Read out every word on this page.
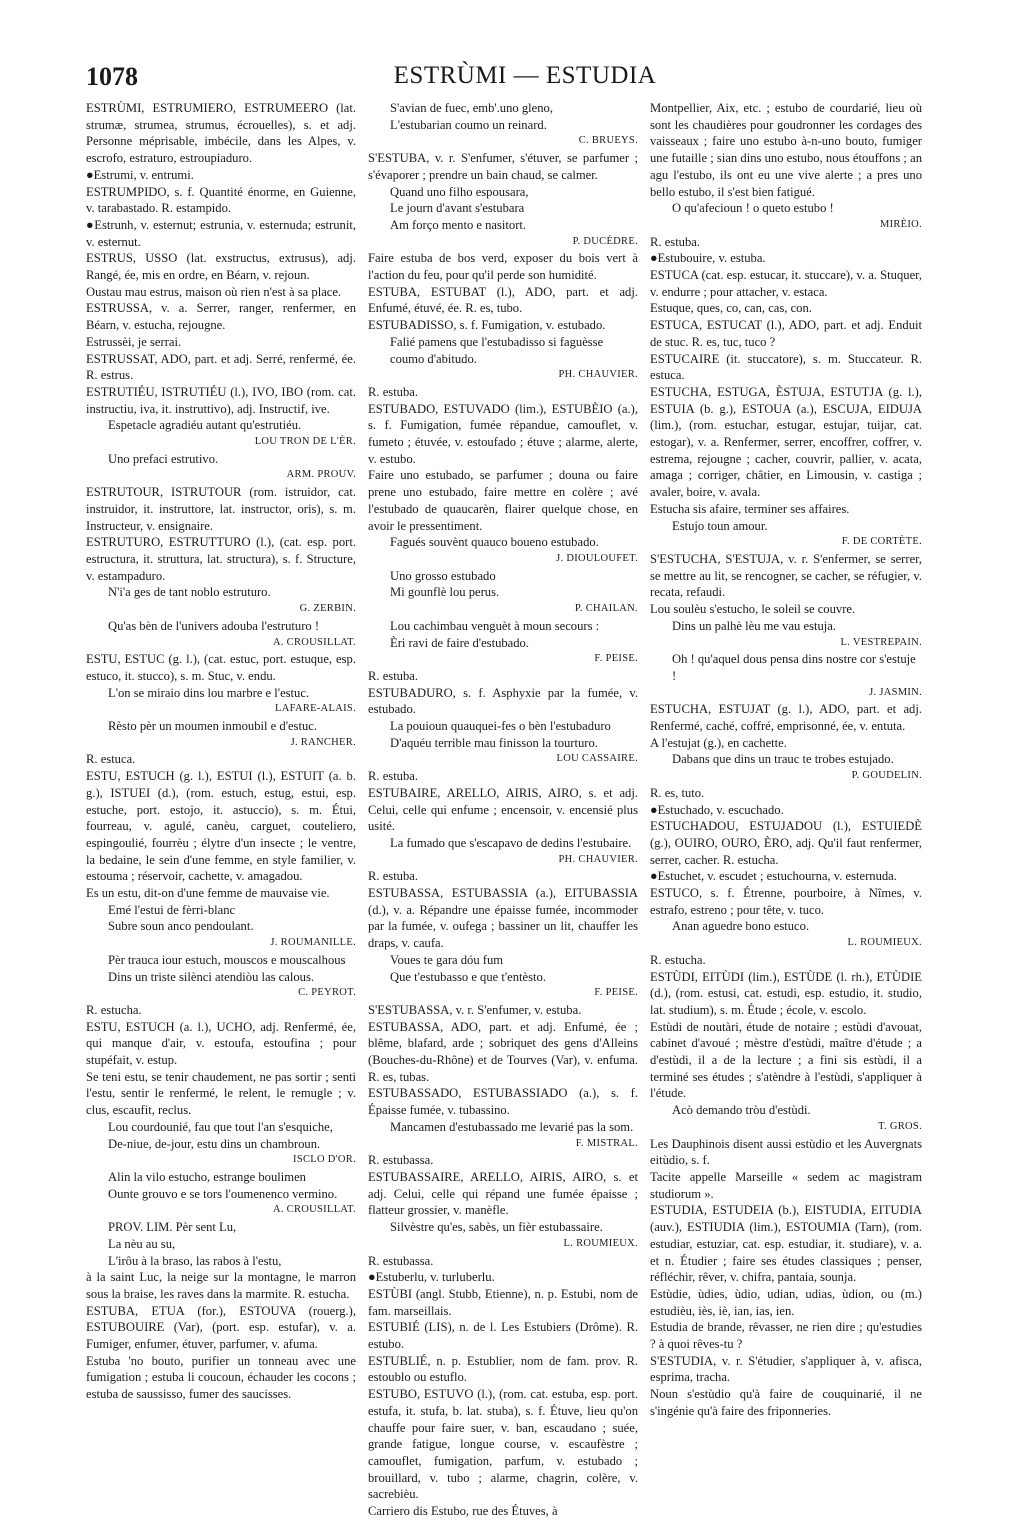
1078	ESTRÙMI — ESTUDIA

ESTRÙMI, ESTRUMIERO, ESTRUMEERO (lat. strumæ, strumea, strumus, écrouelles), s. et adj. Personne méprisable, imbécile, dans les Alpes, v. escrofo, estraturo, estroupiaduro.

●Estrumi, v. entrumi.

ESTRUMPIDO, s. f. Quantité énorme, en Guienne, v. tarabastado. R. estampido.

●Estrunh, v. esternut; estrunia, v. esternuda; estrunit, v. esternut.

ESTRUS, USSO (lat. exstructus, extrusus), adj. Rangé, ée, mis en ordre, en Béarn, v. rejoun.

Oustau mau estrus, maison où rien n'est à sa place.

ESTRUSSA, v. a. Serrer, ranger, renfermer, en Béarn, v. estucha, rejougne.

Estrussèi, je serrai.

ESTRUSSAT, ADO, part. et adj. Serré, renfermé, ée. R. estrus.

ESTRUTIÉU, ISTRUTIÉU (l.), IVO, IBO (rom. cat. instructiu, iva, it. instruttivo), adj. Instructif, ive.

Espetacle agradiéu autant qu'estrutiéu.

LOU TRON DE L'ÈR.

Uno prefaci estrutivo.

ARM. PROUV.

ESTRUTOUR, ISTRUTOUR (rom. istruidor, cat. instruidor, it. instruttore, lat. instructor, oris), s. m. Instructeur, v. ensignaire.

ESTRUTURO, ESTRUTTURO (l.), (cat. esp. port. estructura, it. struttura, lat. structura), s. f. Structure, v. estampaduro.

N'i'a ges de tant noblo estruturo.

G. ZERBIN.

Qu'as bèn de l'univers adouba l'estruturo !

A. CROUSILLAT.

ESTU, ESTUC (g. l.), (cat. estuc, port. estuque, esp. estuco, it. stucco), s. m. Stuc, v. endu.

L'on se miraio dins lou marbre e l'estuc.

LAFARE-ALAIS.

Rèsto pèr un moumen inmoubil e d'estuc.

J. RANCHER.

R. estuca.

ESTU, ESTUCH (g. l.), ESTUI (l.), ESTUIT (a. b. g.), ISTUEI (d.), (rom. estuch, estug, estui, esp. estuche, port. estojo, it. astuccio), s. m. Étui, fourreau, v. agulé, canèu, carguet, couteliero, espingoulié, fourrèu ; élytre d'un insecte ; le ventre, la bedaine, le sein d'une femme, en style familier, v. estouma ; réservoir, cachette, v. amagadou.

Es un estu, dit-on d'une femme de mauvaise vie.

Emé l'estui de fèrri-blanc

Subre soun anco pendoulant.

J. ROUMANILLE.

Pèr trauca iour estuch, mouscos e mouscalhous

Dins un triste silènci atendiòu las calous.

C. PEYROT.

R. estucha.

ESTU, ESTUCH (a. l.), UCHO, adj. Renfermé, ée, qui manque d'air, v. estoufa, estoufina ; pour stupéfait, v. estup.

Se teni estu, se tenir chaudement, ne pas sortir ; senti l'estu, sentir le renfermé, le relent, le remugle ; v. clus, escaufit, reclus.

Lou courdounié, fau que tout l'an s'esquiche,

De-niue, de-jour, estu dins un chambroun.

ISCLO D'OR.

Alin la vilo estucho, estrange boulimen

Ounte grouvo e se tors l'oumenenco vermino.

A. CROUSILLAT.

PROV. LIM. Pèr sent Lu,

La nèu au su,

L'irôu à la braso, las rabos à l'estu,

à la saint Luc, la neige sur la montagne, le marron sous la braise, les raves dans la marmite. R. estucha.

ESTUBA, ETUA (for.), ESTOUVA (rouerg.), ESTUBOUIRE (Var), (port. esp. estufar), v. a. Fumiger, enfumer, étuver, parfumer, v. afuma.

Estuba 'no bouto, purifier un tonneau avec une fumigation ; estuba li coucoun, échauder les cocons ; estuba de saussisso, fumer des saucisses.

S'avian de fuec, emb'.uno gleno,

L'estubarian coumo un reinard.

C. BRUEYS.

S'ESTUBA, v. r. S'enfumer, s'étuver, se parfumer ; s'évaporer ; prendre un bain chaud, se calmer.

Quand uno filho espousara,

Le journ d'avant s'estubara

Am forço mento e nasitort.

P. DUCÉDRE.

Faire estuba de bos verd, exposer du bois vert à l'action du feu, pour qu'il perde son humidité.

ESTUBA, ESTUBAT (l.), ADO, part. et adj. Enfumé, étuvé, ée. R. es, tubo.

ESTUBADISSO, s. f. Fumigation, v. estubado.

Falié pamens que l'estubadisso si faguèsse coumo d'abitudo.

PH. CHAUVIER.

R. estuba.

ESTUBADO, ESTUVADO (lim.), ESTUBÈIO (a.), s. f. Fumigation, fumée répandue, camouflet, v. fumeto ; étuvée, v. estoufado ; étuve ; alarme, alerte, v. estubo.

Faire uno estubado, se parfumer ; douna ou faire prene uno estubado, faire mettre en colère ; avé l'estubado de quaucarèn, flairer quelque chose, en avoir le pressentiment.

Fagués souvènt quauco boueno estubado.

J. DIOULOUFET.

Uno grosso estubado

Mi gounflè lou perus.

P. CHAILAN.

Lou cachimbau venguèt à moun secours :

Èri ravi de faire d'estubado.

F. PEISE.

R. estuba.

ESTUBADURO, s. f. Asphyxie par la fumée, v. estubado.

La pouioun quauquei-fes o bèn l'estubaduro

D'aquéu terrible mau finisson la tourturo.

LOU CASSAIRE.

R. estuba.

ESTUBAIRE, ARELLO, AIRIS, AIRO, s. et adj. Celui, celle qui enfume ; encensoir, v. encensié plus usité.

La fumado que s'escapavo de dedins l'estubaire.

PH. CHAUVIER.

R. estuba.

ESTUBASSA, ESTUBASSIA (a.), EITUBASSIA (d.), v. a. Répandre une épaisse fumée, incommoder par la fumée, v. oufega ; bassiner un lit, chauffer les draps, v. caufa.

Voues te gara dóu fum

Que t'estubasso e que t'entèsto.

F. PEISE.

S'ESTUBASSA, v. r. S'enfumer, v. estuba.

ESTUBASSA, ADO, part. et adj. Enfumé, ée ; blême, blafard, arde ; sobriquet des gens d'Alleins (Bouches-du-Rhône) et de Tourves (Var), v. enfuma. R. es, tubas.

ESTUBASSADO, ESTUBASSIADO (a.), s. f. Épaisse fumée, v. tubassino.

Mancamen d'estubassado me levarié pas la som.

F. MISTRAL.

R. estubassa.

ESTUBASSAIRE, ARELLO, AIRIS, AIRO, s. et adj. Celui, celle qui répand une fumée épaisse ; flatteur grossier, v. manèfle.

Silvèstre qu'es, sabès, un fièr estubassaire.

L. ROUMIEUX.

R. estubassa.

●Estuberlu, v. turluberlu.

ESTÙBI (angl. Stubb, Etienne), n. p. Estubi, nom de fam. marseillais.

ESTUBIÉ (LIS), n. de l. Les Estubiers (Drôme). R. estubo.

ESTUBLIÉ, n. p. Estublier, nom de fam. prov. R. estoublo ou estuflo.

ESTUBO, ESTUVO (l.), (rom. cat. estuba, esp. port. estufa, it. stufa, b. lat. stuba), s. f. Étuve, lieu qu'on chauffe pour faire suer, v. ban, escaudano ; suée, grande fatigue, longue course, v. escaufèstre ; camouflet, fumigation, parfum, v. estubado ; brouillard, v. tubo ; alarme, chagrin, colère, v. sacrebièu.

Carriero dis Estubo, rue des Étuves, à

Montpellier, Aix, etc. ; estubo de courdarié, lieu où sont les chaudières pour goudronner les cordages des vaisseaux ; faire uno estubo à-n-uno bouto, fumiger une futaille ; sian dins uno estubo, nous étouffons ; an agu l'estubo, ils ont eu une vive alerte ; a pres uno bello estubo, il s'est bien fatigué.

O qu'afecioun ! o queto estubo !

MIRÈIO.

R. estuba.

●Estubouire, v. estuba.

ESTUCA (cat. esp. estucar, it. stuccare), v. a. Stuquer, v. endurre ; pour attacher, v. estaca.

Estuque, ques, co, can, cas, con.

ESTUCA, ESTUCAT (l.), ADO, part. et adj. Enduit de stuc. R. es, tuc, tuco ?

ESTUCAIRE (it. stuccatore), s. m. Stuccateur. R. estuca.

ESTUCHA, ESTUGA, ÈSTUJA, ESTUTJA (g. l.), ESTUIA (b. g.), ESTOUA (a.), ESCUJA, EIDUJA (lim.), (rom. estuchar, estugar, estujar, tuijar, cat. estogar), v. a. Renfermer, serrer, encoffrer, coffrer, v. estrema, rejougne ; cacher, couvrir, pallier, v. acata, amaga ; corriger, châtier, en Limousin, v. castiga ; avaler, boire, v. avala.

Estucha sis afaire, terminer ses affaires.

Estujo toun amour.

F. DE CORTÈTE.

S'ESTUCHA, S'ESTUJA, v. r. S'enfermer, se serrer, se mettre au lit, se rencogner, se cacher, se réfugier, v. recata, refaudi.

Lou soulèu s'estucho, le soleil se couvre.

Dins un palhè lèu me vau estuja.

L. VESTREPAIN.

Oh ! qu'aquel dous pensa dins nostre cor s'estuje !

J. JASMIN.

ESTUCHA, ESTUJAT (g. l.), ADO, part. et adj. Renfermé, caché, coffré, emprisonné, ée, v. entuta.

A l'estujat (g.), en cachette.

Dabans que dins un trauc te trobes estujado.

P. GOUDELIN.

R. es, tuto.

●Estuchado, v. escuchado.

ESTUCHADOU, ESTUJADOU (l.), ESTUIEDÈ (g.), OUIRO, OURO, ÈRO, adj. Qu'il faut renfermer, serrer, cacher. R. estucha.

●Estuchet, v. escudet ; estuchourna, v. esternuda.

ESTUCO, s. f. Étrenne, pourboire, à Nîmes, v. estrafo, estreno ; pour tête, v. tuco.

Anan aguedre bono estuco.

L. ROUMIEUX.

R. estucha.

ESTÙDI, EITÙDI (lim.), ESTÙDE (l. rh.), ETÙDIE (d.), (rom. estusi, cat. estudi, esp. estudio, it. studio, lat. studium), s. m. Étude ; école, v. escolo.

Estùdi de noutàri, étude de notaire ; estùdi d'avouat, cabinet d'avoué ; mèstre d'estùdi, maître d'étude ; a d'estùdi, il a de la lecture ; a fini sis estùdi, il a terminé ses études ; s'atèndre à l'estùdi, s'appliquer à l'étude.

Acò demando tròu d'estùdi.

T. GROS.

Les Dauphinois disent aussi estùdio et les Auvergnats eitùdio, s. f.

Tacite appelle Marseille « sedem ac magistram studiorum ».

ESTUDIA, ESTUDEIA (b.), EISTUDIA, EITUDIA (auv.), ESTIUDIA (lim.), ESTOUMIA (Tarn), (rom. estudiar, estuziar, cat. esp. estudiar, it. studiare), v. a. et n. Étudier ; faire ses études classiques ; penser, réfléchir, rêver, v. chifra, pantaia, sounja.

Estùdie, ùdies, ùdio, udian, udias, ùdion, ou (m.) estudièu, iès, iè, ian, ias, ien.

Estudia de brande, rêvasser, ne rien dire ; qu'estudies ? à quoi rêves-tu ?

S'ESTUDIA, v. r. S'étudier, s'appliquer à, v. afisca, esprima, tracha.

Noun s'estùdio qu'à faire de couquinarié, il ne s'ingénie qu'à faire des friponneries.
